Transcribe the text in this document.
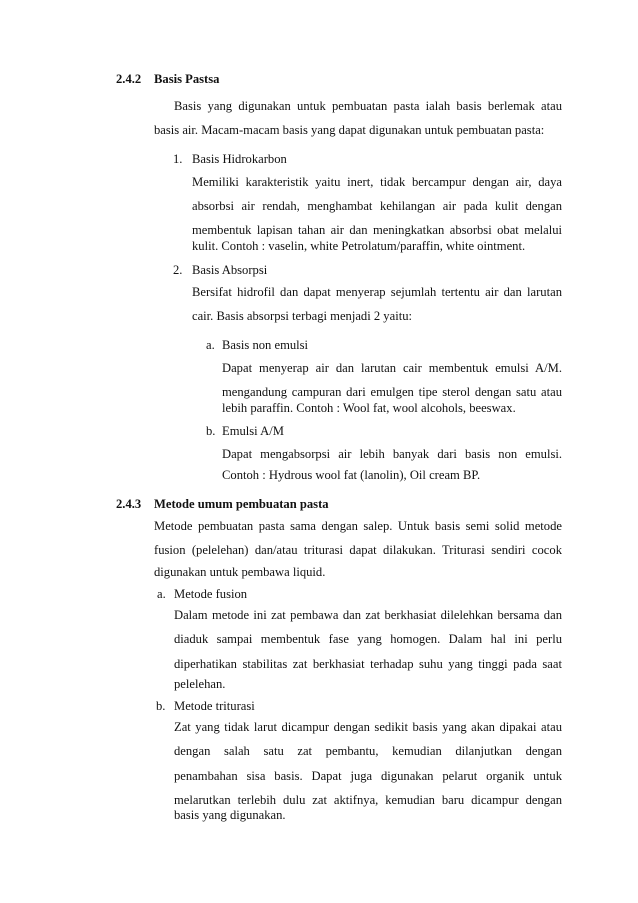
2.4.2 Basis Pastsa
Basis yang digunakan untuk pembuatan pasta ialah basis berlemak atau
basis air. Macam-macam basis yang dapat digunakan untuk pembuatan pasta:
1. Basis Hidrokarbon
Memiliki karakteristik yaitu inert, tidak bercampur dengan air, daya
absorbsi air rendah, menghambat kehilangan air pada kulit dengan
membentuk lapisan tahan air dan meningkatkan absorbsi obat melalui
kulit. Contoh : vaselin, white Petrolatum/paraffin, white ointment.
2. Basis Absorpsi
Bersifat hidrofil dan dapat menyerap sejumlah tertentu air dan larutan
cair. Basis absorpsi terbagi menjadi 2 yaitu:
a. Basis non emulsi
Dapat menyerap air dan larutan cair membentuk emulsi A/M.
mengandung campuran dari emulgen tipe sterol dengan satu atau
lebih paraffin. Contoh : Wool fat, wool alcohols, beeswax.
b. Emulsi A/M
Dapat mengabsorpsi air lebih banyak dari basis non emulsi.
Contoh : Hydrous wool fat (lanolin), Oil cream BP.
2.4.3 Metode umum pembuatan pasta
Metode pembuatan pasta sama dengan salep. Untuk basis semi solid metode
fusion (pelelehan) dan/atau triturasi dapat dilakukan. Triturasi sendiri cocok
digunakan untuk pembawa liquid.
a. Metode fusion
Dalam metode ini zat pembawa dan zat berkhasiat dilelehkan bersama dan
diaduk sampai membentuk fase yang homogen. Dalam hal ini perlu
diperhatikan stabilitas zat berkhasiat terhadap suhu yang tinggi pada saat
pelelehan.
b. Metode triturasi
Zat yang tidak larut dicampur dengan sedikit basis yang akan dipakai atau
dengan salah satu zat pembantu, kemudian dilanjutkan dengan
penambahan sisa basis. Dapat juga digunakan pelarut organik untuk
melarutkan terlebih dulu zat aktifnya, kemudian baru dicampur dengan
basis yang digunakan.
